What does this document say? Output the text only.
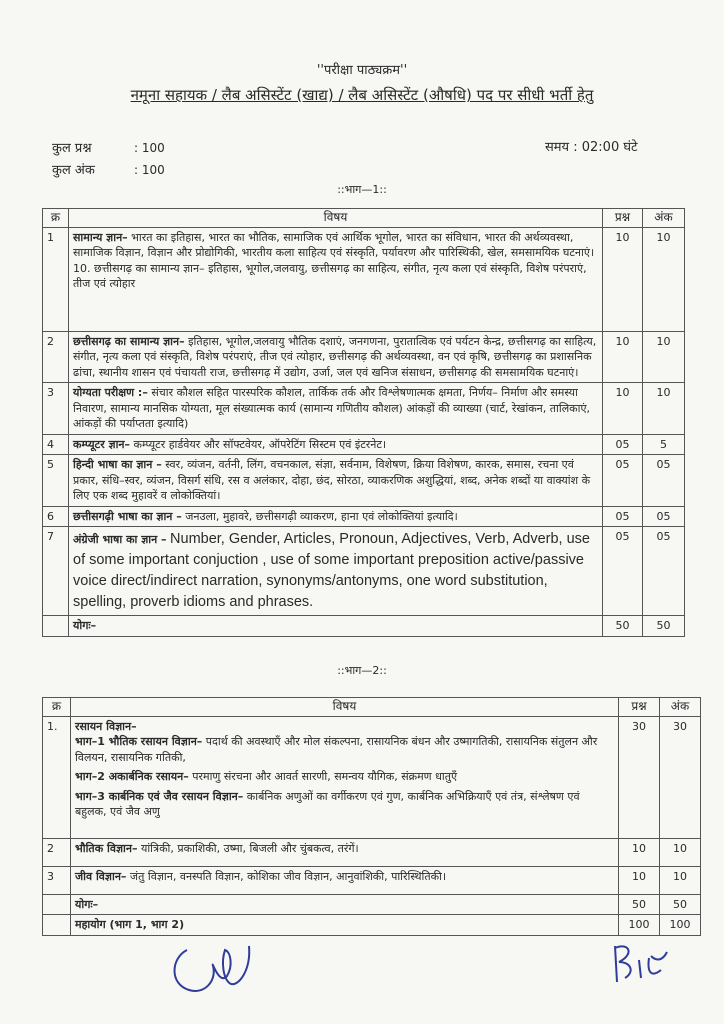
''परीक्षा पाठ्यक्रम''
नमूना सहायक / लैब असिस्टेंट (खाद्य) / लैब असिस्टेंट (औषधि) पद पर सीधी भर्ती हेतु
कुल प्रश्न	: 100
कुल अंक	: 100
समय : 02:00 घंटे
::भाग—1::
क्र	विषय	प्रश्न	अंक
1	सामान्य ज्ञान– भारत का इतिहास, भारत का भौतिक, सामाजिक एवं आर्थिक भूगोल, भारत का संविधान, भारत की अर्थव्यवस्था, सामाजिक विज्ञान, विज्ञान और प्रोद्योगिकी, भारतीय कला साहित्य एवं संस्कृति, पर्यावरण और पारिस्थिकी, खेल, समसामयिक घटनाएं।
10. छत्तीसगढ़ का सामान्य ज्ञान– इतिहास, भूगोल,जलवायु, छत्तीसगढ़ का साहित्य, संगीत, नृत्य कला एवं संस्कृति, विशेष परंपराएं, तीज एवं त्योहार	10	10
2	छत्तीसगढ़ का सामान्य ज्ञान– इतिहास, भूगोल,जलवायु भौतिक दशाएं, जनगणना, पुरातात्विक एवं पर्यटन केन्द्र, छत्तीसगढ़ का साहित्य, संगीत, नृत्य कला एवं संस्कृति, विशेष परंपराएं, तीज एवं त्योहार, छत्तीसगढ़ की अर्थव्यवस्था, वन एवं कृषि, छत्तीसगढ़ का प्रशासनिक ढांचा, स्थानीय शासन एवं पंचायती राज, छत्तीसगढ़ में उद्योग, उर्जा, जल एवं खनिज संसाधन, छत्तीसगढ़ की समसामयिक घटनाएं।	10	10
3	योग्यता परीक्षण :– संचार कौशल सहित पारस्परिक कौशल, तार्किक तर्क और विश्लेषणात्मक क्षमता, निर्णय– निर्माण और समस्या निवारण, सामान्य मानसिक योग्यता, मूल संख्यात्मक कार्य (सामान्य गणितीय कौशल) आंकड़ों की व्याख्या (चार्ट, रेखांकन, तालिकाएं, आंकड़ों की पर्याप्तता इत्यादि)	10	10
4	कम्प्यूटर ज्ञान– कम्प्यूटर हार्डवेयर और सॉफ्टवेयर, ऑपरेटिंग सिस्टम एवं इंटरनेट।	05	5
5	हिन्दी भाषा का ज्ञान – स्वर, व्यंजन, वर्तनी, लिंग, वचनकाल, संज्ञा, सर्वनाम, विशेषण, क्रिया विशेषण, कारक, समास, रचना एवं प्रकार, संधि–स्वर, व्यंजन, विसर्ग संधि, रस व अलंकार, दोहा, छंद, सोरठा, व्याकरणिक अशुद्धियां, शब्द, अनेक शब्दों या वाक्यांश के लिए एक शब्द मुहावरें व लोकोक्तियां।	05	05
6	छत्तीसगढ़ी भाषा का ज्ञान – जनउला, मुहावरे, छत्तीसगढ़ी व्याकरण, हाना एवं लोकोक्तियां इत्यादि।	05	05
7	अंग्रेजी भाषा का ज्ञान – Number, Gender, Articles, Pronoun, Adjectives, Verb, Adverb, use of some important conjuction , use of some important preposition active/passive voice direct/indirect narration, synonyms/antonyms, one word substitution, spelling, proverb idioms and phrases.	05	05
	योगः–	50	50
::भाग—2::
क्र	विषय	प्रश्न	अंक
1.	रसायन विज्ञान–
भाग–1 भौतिक रसायन विज्ञान– पदार्थ की अवस्थाएँ और मोल संकल्पना, रासायनिक बंधन और उष्मागतिकी, रासायनिक संतुलन और विलयन, रासायनिक गतिकी,
भाग–2 अकार्बनिक रसायन– परमाणु संरचना और आवर्त सारणी, समन्वय यौगिक, संक्रमण धातुएँ
भाग–3 कार्बनिक एवं जैव रसायन विज्ञान– कार्बनिक अणुओं का वर्गीकरण एवं गुण, कार्बनिक अभिक्रियाएँ एवं तंत्र, संश्लेषण एवं बहुलक, एवं जैव अणु	30	30
2	भौतिक विज्ञान– यांत्रिकी, प्रकाशिकी, उष्मा, बिजली और चुंबकत्व, तरंगें।	10	10
3	जीव विज्ञान– जंतु विज्ञान, वनस्पति विज्ञान, कोशिका जीव विज्ञान, आनुवांशिकी, पारिस्थितिकी।	10	10
	योगः–	50	50
	महायोग (भाग 1, भाग 2)	100	100
